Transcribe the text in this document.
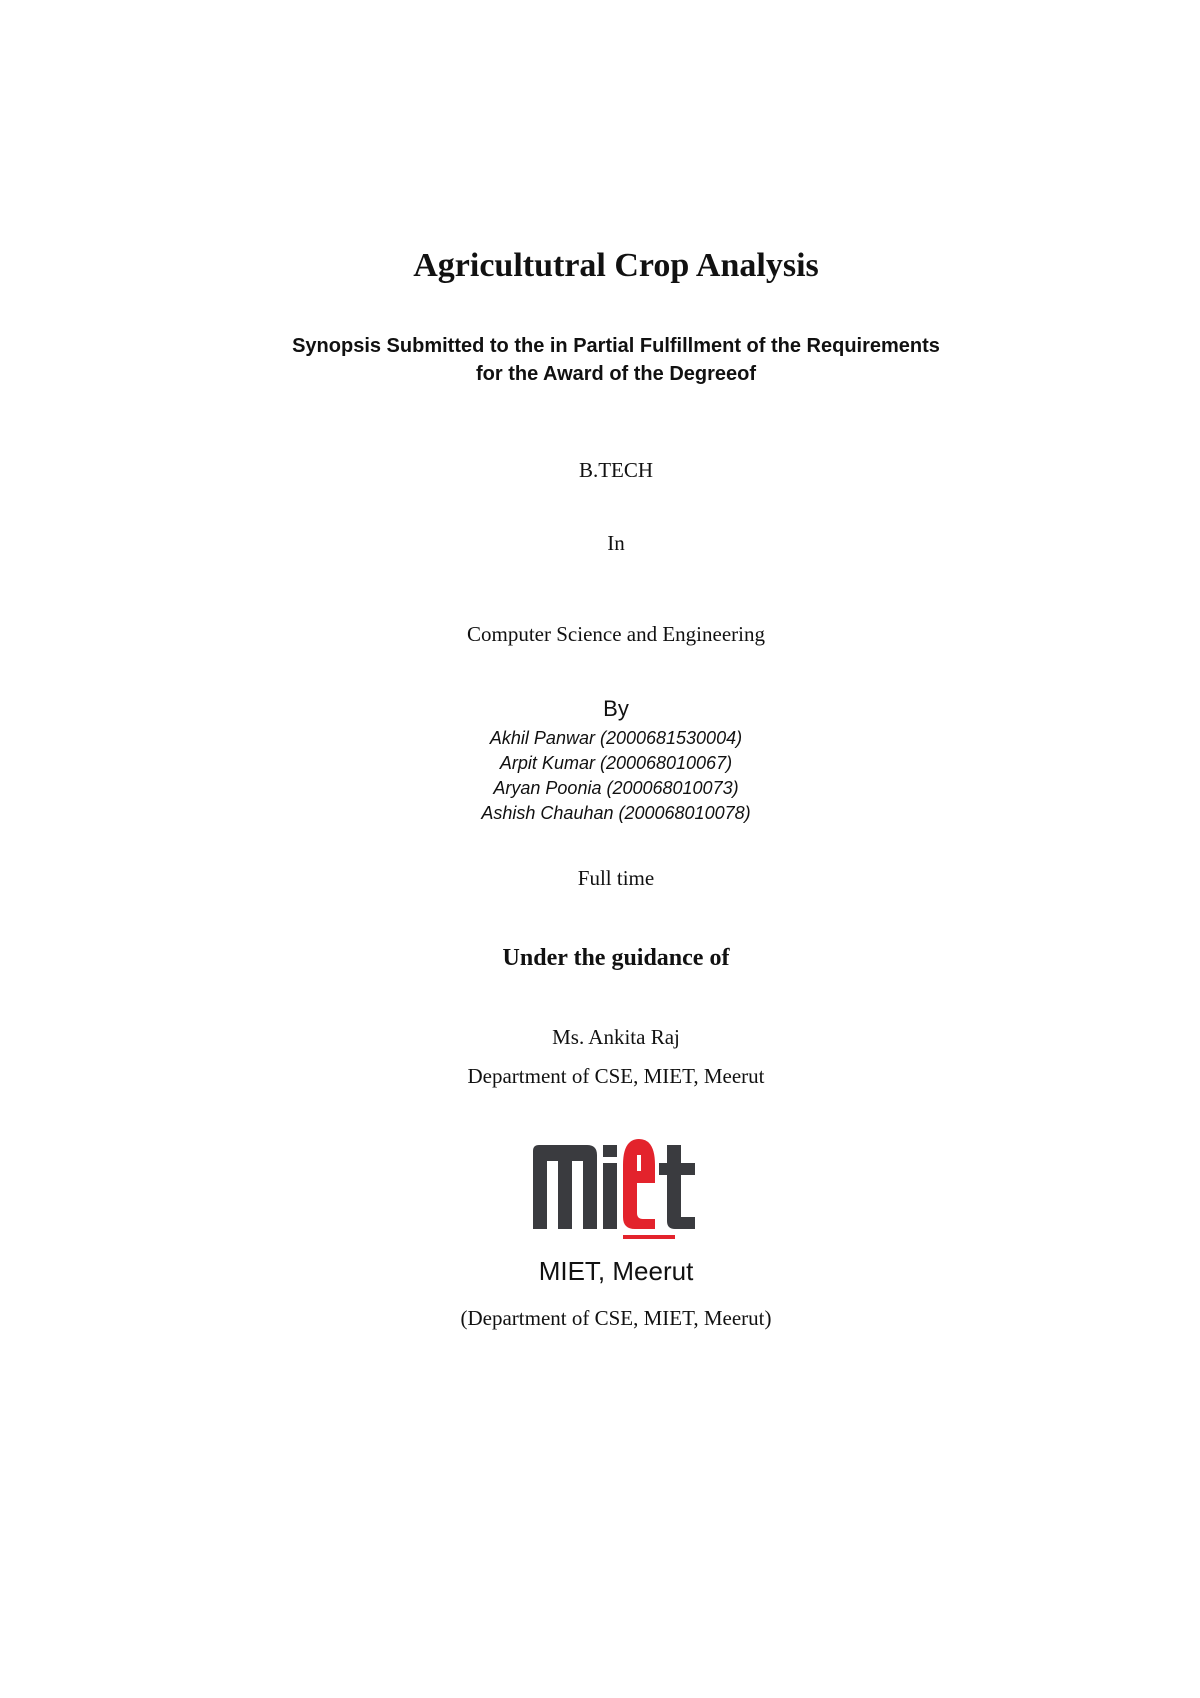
Agricultutral Crop Analysis
Synopsis Submitted to the in Partial Fulfillment of the Requirements
for the Award of the Degreeof
B.TECH
In
Computer Science and Engineering
By
Akhil Panwar (2000681530004)
Arpit Kumar (200068010067)
Aryan Poonia (200068010073)
Ashish Chauhan (200068010078)
Full time
Under the guidance of
Ms. Ankita Raj
Department of CSE, MIET, Meerut
MIET, Meerut
(Department of CSE, MIET, Meerut)
